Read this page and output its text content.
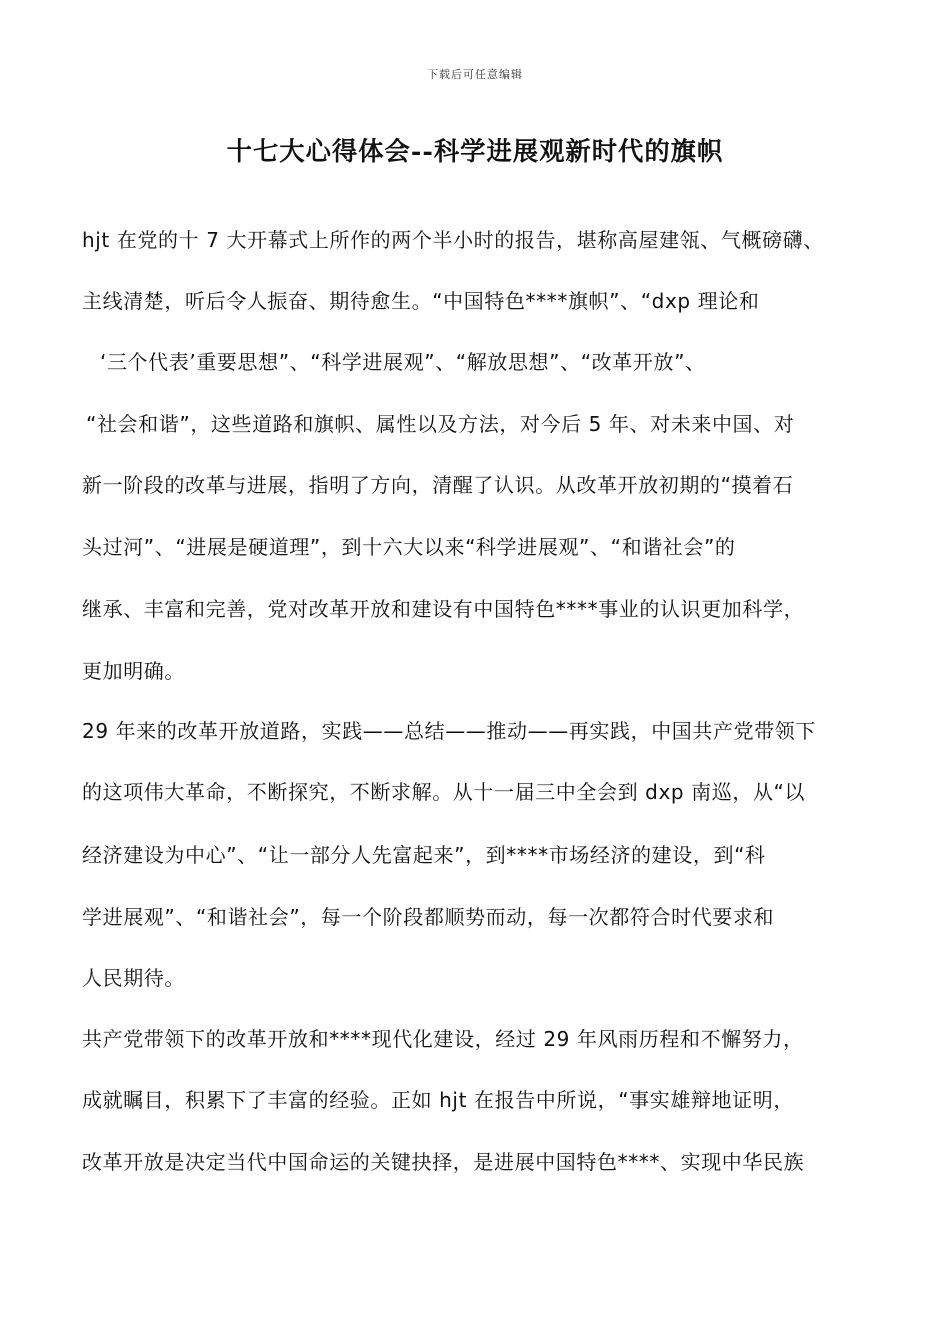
下载后可任意编辑
十七大心得体会--科学进展观新时代的旗帜
hjt 在党的十 7 大开幕式上所作的两个半小时的报告，堪称高屋建瓴、气概磅礴、
主线清楚，听后令人振奋、期待愈生。“中国特色****旗帜”、“dxp 理论和
‘三个代表’重要思想”、“科学进展观”、“解放思想”、“改革开放”、
“社会和谐”，这些道路和旗帜、属性以及方法，对今后 5 年、对未来中国、对
新一阶段的改革与进展，指明了方向，清醒了认识。从改革开放初期的“摸着石
头过河”、“进展是硬道理”，到十六大以来“科学进展观”、“和谐社会”的
继承、丰富和完善，党对改革开放和建设有中国特色****事业的认识更加科学，
更加明确。
29 年来的改革开放道路，实践——总结——推动——再实践，中国共产党带领下
的这项伟大革命，不断探究，不断求解。从十一届三中全会到 dxp 南巡，从“以
经济建设为中心”、“让一部分人先富起来”，到****市场经济的建设，到“科
学进展观”、“和谐社会”，每一个阶段都顺势而动，每一次都符合时代要求和
人民期待。
共产党带领下的改革开放和****现代化建设，经过 29 年风雨历程和不懈努力，
成就瞩目，积累下了丰富的经验。正如 hjt 在报告中所说，“事实雄辩地证明，
改革开放是决定当代中国命运的关键抉择，是进展中国特色****、实现中华民族
